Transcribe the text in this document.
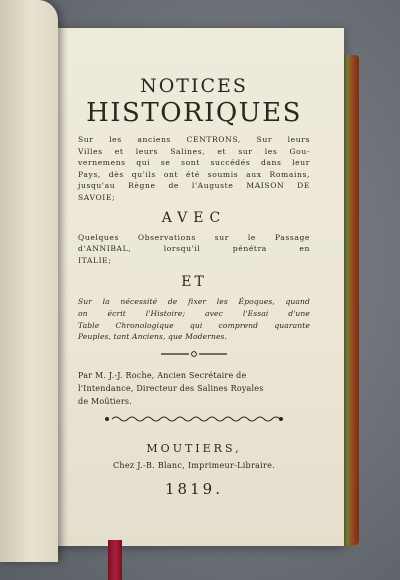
NOTICES

HISTORIQUES

Sur les anciens CENTRONS, Sur leurs
Villes et leurs Salines, et sur les Gou-
vernemens qui se sont succédés dans leur
Pays, dès qu'ils ont été soumis aux Romains,
jusqu'au Règne de l'Auguste MAISON DE
SAVOIE;

AVEC

Quelques Observations sur le Passage
d'ANNIBAL, lorsqu'il pénétra en
ITALIE;

ET

Sur la nécessité de fixer les Époques, quand
on écrit l'Histoire; avec l'Essai d'une
Table Chronologique qui comprend quarante
Peuples, tant Anciens, que Modernes.

Par M. J.-J. Roche, Ancien Secrétaire de
l'Intendance, Directeur des Salines Royales
de Moûtiers.

MOUTIERS,

Chez J.-B. Blanc, Imprimeur-Libraire.

1819.
